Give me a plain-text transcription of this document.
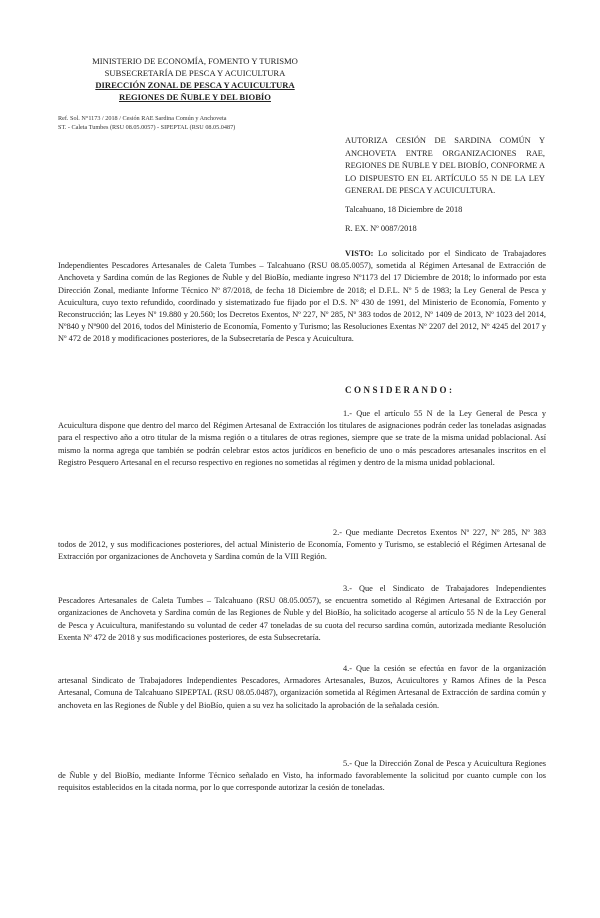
MINISTERIO DE ECONOMÍA, FOMENTO Y TURISMO
SUBSECRETARÍA DE PESCA Y ACUICULTURA
DIRECCIÓN ZONAL DE PESCA Y ACUICULTURA
REGIONES DE ÑUBLE Y DEL BIOBÍO
Ref. Sol. N°1173 / 2018 / Cesión RAE Sardina Común y Anchoveta
ST. - Caleta Tumbes (RSU 08.05.0057) - SIPEPTAL (RSU 08.05.0487)
AUTORIZA CESIÓN DE SARDINA COMÚN Y ANCHOVETA ENTRE ORGANIZACIONES RAE, REGIONES DE ÑUBLE Y DEL BIOBÍO, CONFORME A LO DISPUESTO EN EL ARTÍCULO 55 N DE LA LEY GENERAL DE PESCA Y ACUICULTURA.
Talcahuano, 18 Diciembre de 2018
R. EX. Nº 0087/2018
VISTO: Lo solicitado por el Sindicato de Trabajadores Independientes Pescadores Artesanales de Caleta Tumbes – Talcahuano (RSU 08.05.0057), sometida al Régimen Artesanal de Extracción de Anchoveta y Sardina común de las Regiones de Ñuble y del BioBío, mediante ingreso Nº1173 del 17 Diciembre de 2018; lo informado por esta Dirección Zonal, mediante Informe Técnico Nº 87/2018, de fecha 18 Diciembre de 2018; el D.F.L. Nº 5 de 1983; la Ley General de Pesca y Acuicultura, cuyo texto refundido, coordinado y sistematizado fue fijado por el D.S. Nº 430 de 1991, del Ministerio de Economía, Fomento y Reconstrucción; las Leyes Nº 19.880 y 20.560; los Decretos Exentos, Nº 227, Nº 285, Nº 383 todos de 2012, Nº 1409 de 2013, Nº 1023 del 2014, Nº840 y Nº900 del 2016, todos del Ministerio de Economía, Fomento y Turismo; las Resoluciones Exentas Nº 2207 del 2012, Nº 4245 del 2017 y Nº 472 de 2018 y modificaciones posteriores, de la Subsecretaría de Pesca y Acuicultura.
CONSIDERANDO:
1.- Que el artículo 55 N de la Ley General de Pesca y Acuicultura dispone que dentro del marco del Régimen Artesanal de Extracción los titulares de asignaciones podrán ceder las toneladas asignadas para el respectivo año a otro titular de la misma región o a titulares de otras regiones, siempre que se trate de la misma unidad poblacional. Así mismo la norma agrega que también se podrán celebrar estos actos jurídicos en beneficio de uno o más pescadores artesanales inscritos en el Registro Pesquero Artesanal en el recurso respectivo en regiones no sometidas al régimen y dentro de la misma unidad poblacional.
2.- Que mediante Decretos Exentos Nº 227, Nº 285, Nº 383 todos de 2012, y sus modificaciones posteriores, del actual Ministerio de Economía, Fomento y Turismo, se estableció el Régimen Artesanal de Extracción por organizaciones de Anchoveta y Sardina común de la VIII Región.
3.- Que el Sindicato de Trabajadores Independientes Pescadores Artesanales de Caleta Tumbes – Talcahuano (RSU 08.05.0057), se encuentra sometido al Régimen Artesanal de Extracción por organizaciones de Anchoveta y Sardina común de las Regiones de Ñuble y del BioBío, ha solicitado acogerse al artículo 55 N de la Ley General de Pesca y Acuicultura, manifestando su voluntad de ceder 47 toneladas de su cuota del recurso sardina común, autorizada mediante Resolución Exenta Nº 472 de 2018 y sus modificaciones posteriores, de esta Subsecretaría.
4.- Que la cesión se efectúa en favor de la organización artesanal Sindicato de Trabajadores Independientes Pescadores, Armadores Artesanales, Buzos, Acuicultores y Ramos Afines de la Pesca Artesanal, Comuna de Talcahuano SIPEPTAL (RSU 08.05.0487), organización sometida al Régimen Artesanal de Extracción de sardina común y anchoveta en las Regiones de Ñuble y del BioBío, quien a su vez ha solicitado la aprobación de la señalada cesión.
5.- Que la Dirección Zonal de Pesca y Acuicultura Regiones de Ñuble y del BioBío, mediante Informe Técnico señalado en Visto, ha informado favorablemente la solicitud por cuanto cumple con los requisitos establecidos en la citada norma, por lo que corresponde autorizar la cesión de toneladas.
